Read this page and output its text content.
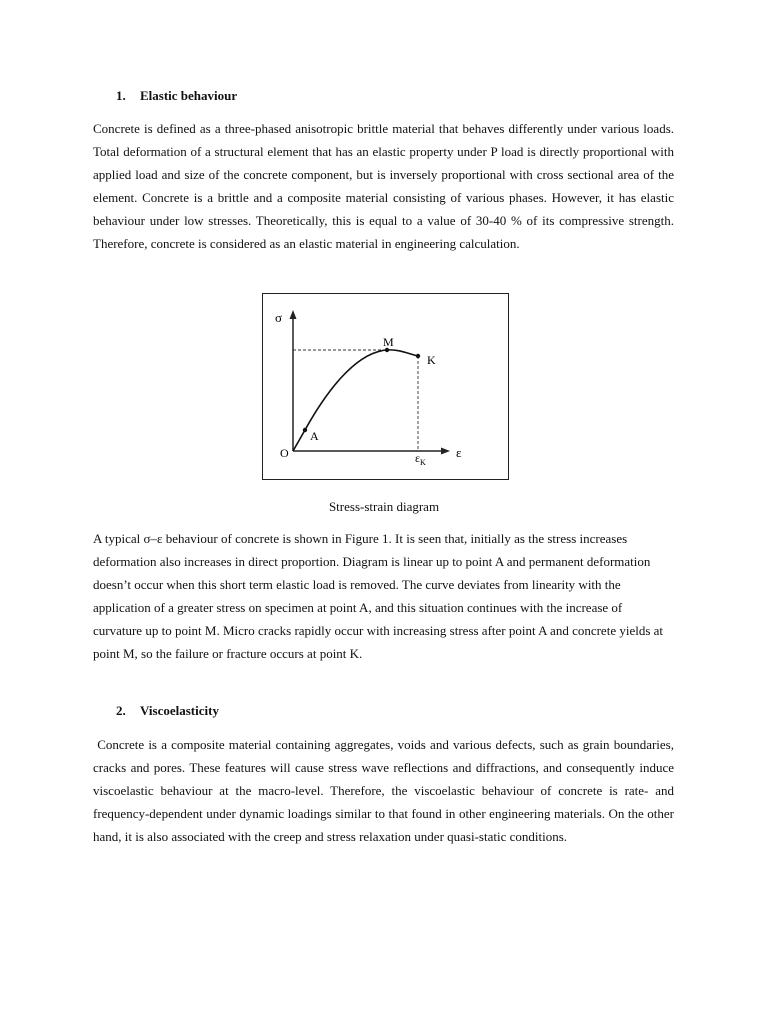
1. Elastic behaviour

Concrete is defined as a three-phased anisotropic brittle material that behaves differently under various loads. Total deformation of a structural element that has an elastic property under P load is directly proportional with applied load and size of the concrete component, but is inversely proportional with cross sectional area of the element. Concrete is a brittle and a composite material consisting of various phases. However, it has elastic behaviour under low stresses. Theoretically, this is equal to a value of 30-40 % of its compressive strength. Therefore, concrete is considered as an elastic material in engineering calculation.

σ
ε
O
A
M
K
$\varepsilon_K$
Stress-strain diagram

A typical σ–ε behaviour of concrete is shown in Figure 1. It is seen that, initially as the stress increases deformation also increases in direct proportion. Diagram is linear up to point A and permanent deformation doesn’t occur when this short term elastic load is removed. The curve deviates from linearity with the application of a greater stress on specimen at point A, and this situation continues with the increase of curvature up to point M. Micro cracks rapidly occur with increasing stress after point A and concrete yields at point M, so the failure or fracture occurs at point K.

2. Viscoelasticity

Concrete is a composite material containing aggregates, voids and various defects, such as grain boundaries, cracks and pores. These features will cause stress wave reflections and diffractions, and consequently induce viscoelastic behaviour at the macro-level. Therefore, the viscoelastic behaviour of concrete is rate- and frequency-dependent under dynamic loadings similar to that found in other engineering materials. On the other hand, it is also associated with the creep and stress relaxation under quasi-static conditions.
